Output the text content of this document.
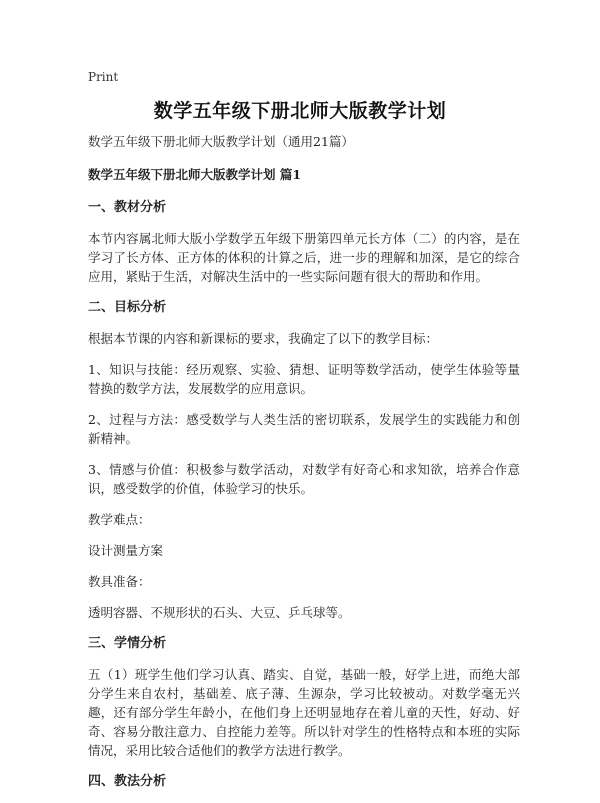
Print
数学五年级下册北师大版教学计划

数学五年级下册北师大版教学计划（通用21篇）

数学五年级下册北师大版教学计划 篇1

一、教材分析

本节内容属北师大版小学数学五年级下册第四单元长方体（二）的内容，是在学习了长方体、正方体的体积的计算之后，进一步的理解和加深，是它的综合应用，紧贴于生活，对解决生活中的一些实际问题有很大的帮助和作用。

二、目标分析

根据本节课的内容和新课标的要求，我确定了以下的教学目标：

1、知识与技能：经历观察、实验、猜想、证明等数学活动，使学生体验等量替换的数学方法，发展数学的应用意识。

2、过程与方法：感受数学与人类生活的密切联系，发展学生的实践能力和创新精神。

3、情感与价值：积极参与数学活动，对数学有好奇心和求知欲，培养合作意识，感受数学的价值，体验学习的快乐。

教学难点：

设计测量方案

教具准备：

透明容器、不规形状的石头、大豆、乒乓球等。

三、学情分析

五（1）班学生他们学习认真、踏实、自觉，基础一般，好学上进，而绝大部分学生来自农村，基础差、底子薄、生源杂，学习比较被动。对数学毫无兴趣，还有部分学生年龄小，在他们身上还明显地存在着儿童的天性，好动、好奇、容易分散注意力、自控能力差等。所以针对学生的性格特点和本班的实际情况，采用比较合适他们的教学方法进行教学。

四、教法分析
